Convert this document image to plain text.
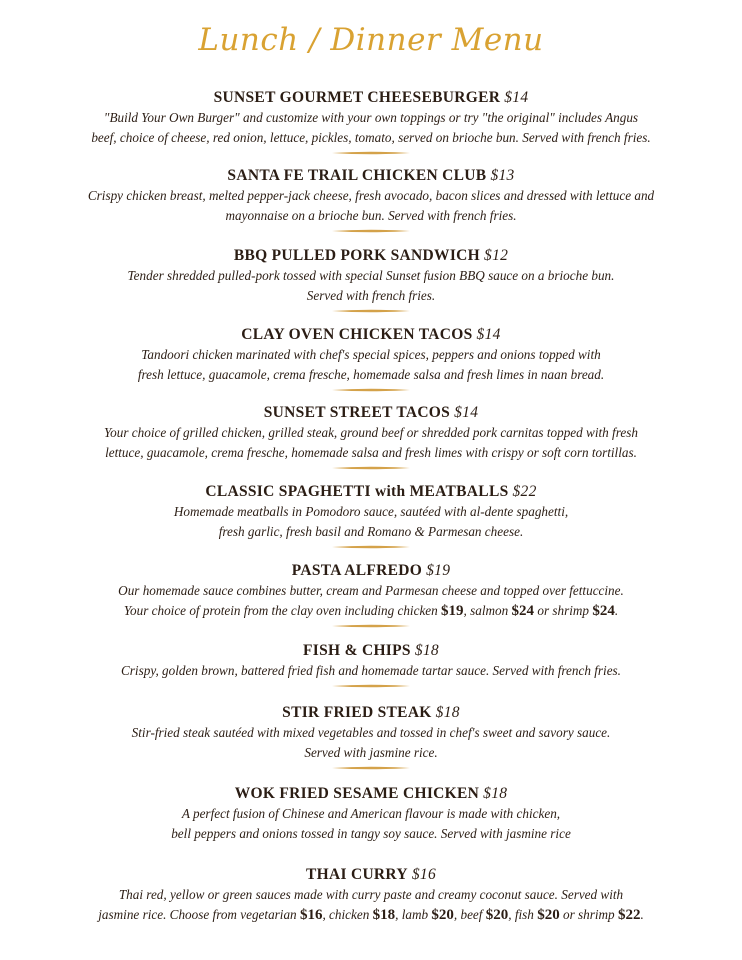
Lunch / Dinner Menu
SUNSET GOURMET CHEESEBURGER $14
"Build Your Own Burger" and customize with your own toppings or try "the original" includes Angus
beef, choice of cheese, red onion, lettuce, pickles, tomato, served on brioche bun. Served with french fries.
SANTA FE TRAIL CHICKEN CLUB $13
Crispy chicken breast, melted pepper-jack cheese, fresh avocado, bacon slices and dressed with lettuce and
mayonnaise on a brioche bun. Served with french fries.
BBQ PULLED PORK SANDWICH $12
Tender shredded pulled-pork tossed with special Sunset fusion BBQ sauce on a brioche bun.
Served with french fries.
CLAY OVEN CHICKEN TACOS $14
Tandoori chicken marinated with chef's special spices, peppers and onions topped with
fresh lettuce, guacamole, crema fresche, homemade salsa and fresh limes in naan bread.
SUNSET STREET TACOS $14
Your choice of grilled chicken, grilled steak, ground beef or shredded pork carnitas topped with fresh
lettuce, guacamole, crema fresche, homemade salsa and fresh limes with crispy or soft corn tortillas.
CLASSIC SPAGHETTI with MEATBALLS $22
Homemade meatballs in Pomodoro sauce, sautéed with al-dente spaghetti,
fresh garlic, fresh basil and Romano & Parmesan cheese.
PASTA ALFREDO $19
Our homemade sauce combines butter, cream and Parmesan cheese and topped over fettuccine.
Your choice of protein from the clay oven including chicken $19, salmon $24 or shrimp $24.
FISH & CHIPS $18
Crispy, golden brown, battered fried fish and homemade tartar sauce. Served with french fries.
STIR FRIED STEAK $18
Stir-fried steak sautéed with mixed vegetables and tossed in chef's sweet and savory sauce.
Served with jasmine rice.
WOK FRIED SESAME CHICKEN $18
A perfect fusion of Chinese and American flavour is made with chicken,
bell peppers and onions tossed in tangy soy sauce. Served with jasmine rice
THAI CURRY $16
Thai red, yellow or green sauces made with curry paste and creamy coconut sauce. Served with
jasmine rice. Choose from vegetarian $16, chicken $18, lamb $20, beef $20, fish $20 or shrimp $22.
